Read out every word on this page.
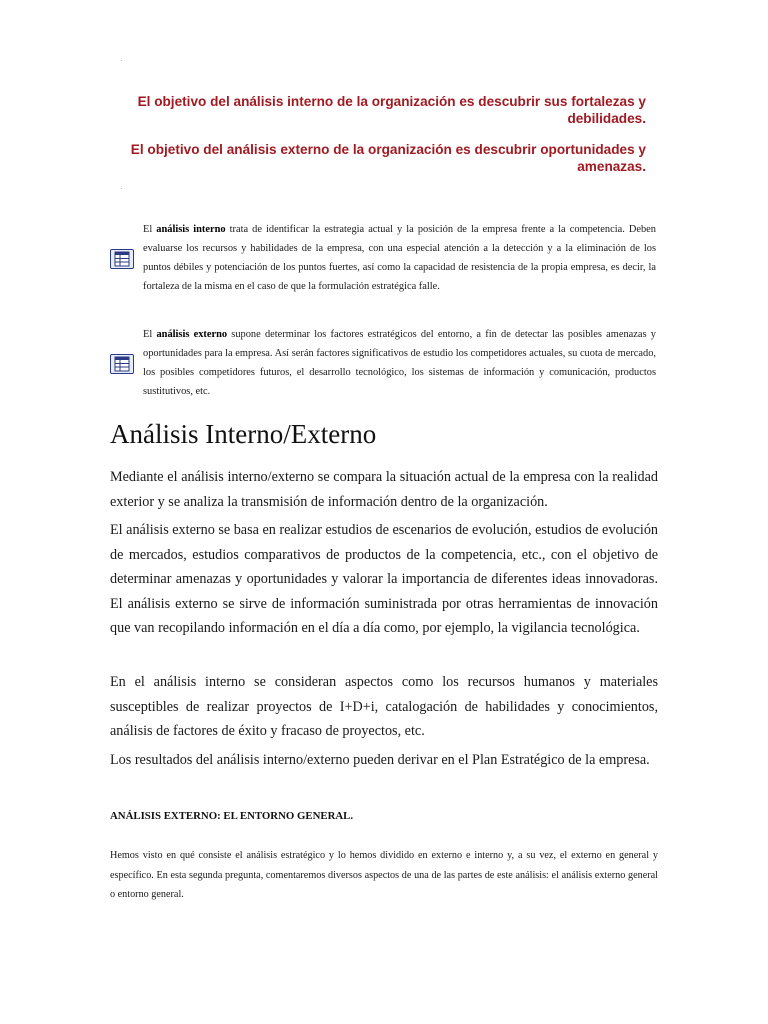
El objetivo del análisis interno de la organización es descubrir sus fortalezas y debilidades.
El objetivo del análisis externo de la organización es descubrir oportunidades y amenazas.
El análisis interno trata de identificar la estrategia actual y la posición de la empresa frente a la competencia. Deben evaluarse los recursos y habilidades de la empresa, con una especial atención a la detección y a la eliminación de los puntos débiles y potenciación de los puntos fuertes, así como la capacidad de resistencia de la propia empresa, es decir, la fortaleza de la misma en el caso de que la formulación estratégica falle.
El análisis externo supone determinar los factores estratégicos del entorno, a fin de detectar las posibles amenazas y oportunidades para la empresa. Así serán factores significativos de estudio los competidores actuales, su cuota de mercado, los posibles competidores futuros, el desarrollo tecnológico, los sistemas de información y comunicación, productos sustitutivos, etc.
Análisis Interno/Externo

Mediante el análisis interno/externo se compara la situación actual de la empresa con la realidad exterior y se analiza la transmisión de información dentro de la organización.

El análisis externo se basa en realizar estudios de escenarios de evolución, estudios de evolución de mercados, estudios comparativos de productos de la competencia, etc., con el objetivo de determinar amenazas y oportunidades y valorar la importancia de diferentes ideas innovadoras. El análisis externo se sirve de información suministrada por otras herramientas de innovación que van recopilando información en el día a día como, por ejemplo, la vigilancia tecnológica.

En el análisis interno se consideran aspectos como los recursos humanos y materiales susceptibles de realizar proyectos de I+D+i, catalogación de habilidades y conocimientos, análisis de factores de éxito y fracaso de proyectos, etc.

Los resultados del análisis interno/externo pueden derivar en el Plan Estratégico de la empresa.

ANÁLISIS EXTERNO: EL ENTORNO GENERAL.
Hemos visto en qué consiste el análisis estratégico y lo hemos dividido en externo e interno y, a su vez, el externo en general y específico. En esta segunda pregunta, comentaremos diversos aspectos de una de las partes de este análisis: el análisis externo general o entorno general.
